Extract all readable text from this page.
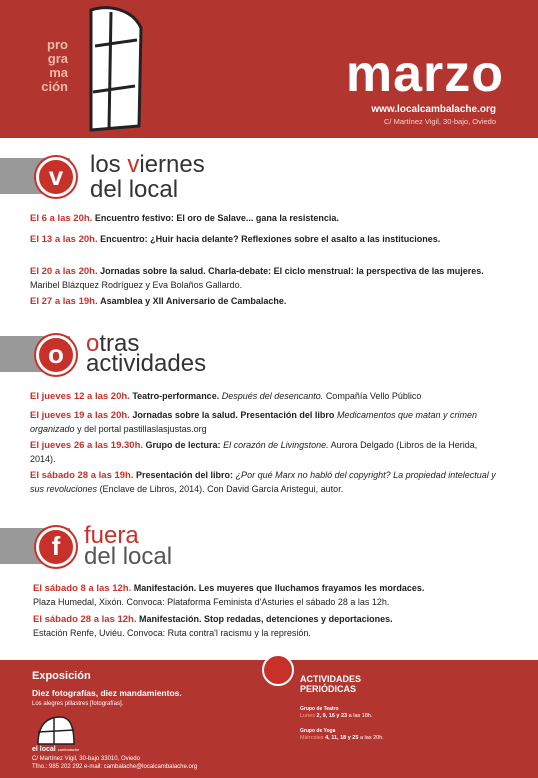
pro
gra
ma
ción	marzo
www.localcambalache.org
C/ Martínez Vigil, 30-bajo, Oviedo
v	los viernes
del local
El 6 a las 20h. Encuentro festivo: El oro de Salave... gana la resistencia.
El 13 a las 20h. Encuentro: ¿Huir hacia delante? Reflexiones sobre el asalto a las instituciones.
El 20 a las 20h. Jornadas sobre la salud. Charla-debate: El ciclo menstrual: la perspectiva de las mujeres. Maribel Blázquez Rodríguez y Eva Bolaños Gallardo.
El 27 a las 19h. Asamblea y XII Aniversario de Cambalache.
o otras
actividades
El jueves 12 a las 20h. Teatro-performance. Después del desencanto. Compañía Vello Público
El jueves 19 a las 20h. Jornadas sobre la salud. Presentación del libro Medicamentos que matan y crimen organizado y del portal pastillaslasjustas.org
El jueves 26 a las 19.30h. Grupo de lectura: El corazón de Livingstone. Aurora Delgado (Libros de la Herida, 2014).
El sábado 28 a las 19h. Presentación del libro: ¿Por qué Marx no habló del copyright? La propiedad intelectual y sus revoluciones (Enclave de Libros, 2014). Con David García Aristegui, autor.
f fuera
del local
El sábado 8 a las 12h. Manifestación. Les muyeres que lluchamos frayamos les mordaces.
Plaza Humedal, Xixón. Convoca: Plataforma Feminista d'Asturies el sábado 28 a las 12h.
El sábado 28 a las 12h. Manifestación. Stop redadas, detenciones y deportaciones.
Estación Renfe, Uviéu. Convoca: Ruta contra'l racismu y la represión.
Exposición
Diez fotografías, diez mandamientos.
Los alegres pillastres [fotografías].
el local cambalache
C/ Martínez Vigil, 30-bajo 33010, Oviedo
Tfno.: 985 202 292 e-mail: cambalache@localcambalache.org
ACTIVIDADES
PERIÓDICAS
Grupo de Teatro
Lunes 2, 9, 16 y 23 a las 18h.
Grupo de Yoga
Miércoles 4, 11, 18 y 25 a las 20h.
